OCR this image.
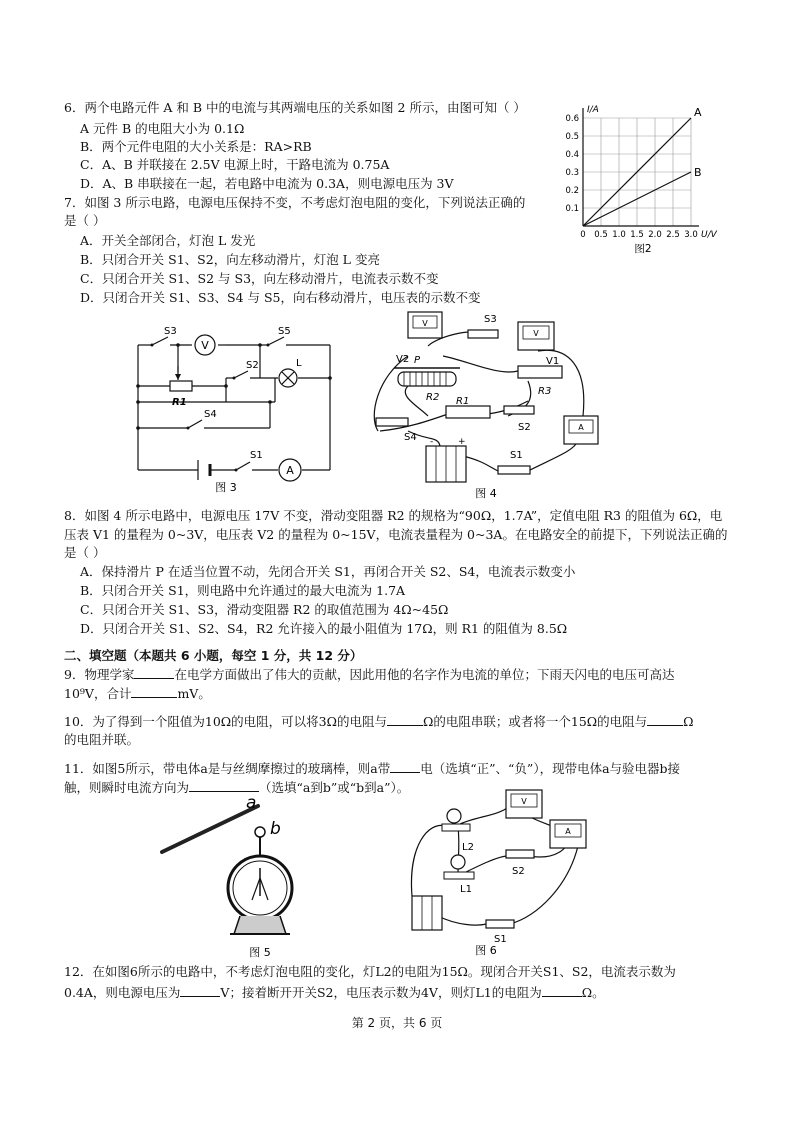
6．两个电路元件 A 和 B 中的电流与其两端电压的关系如图 2 所示，由图可知（ ）
A 元件 B 的电阻大小为 0.1Ω
B．两个元件电阻的大小关系是：RA>RB
C．A、B 并联接在 2.5V 电源上时，干路电流为 0.75A
D．A、B 串联接在一起，若电路中电流为 0.3A，则电源电压为 3V
0.6
0.5
0.4
0.3
0.2
0.1
0 0.5 1.0 1.5 2.0 2.5 3.0
I/A
U/V
A
B
图2
7．如图 3 所示电路，电源电压保持不变，不考虑灯泡电阻的变化，下列说法正确的
是（ ）
A．开关全部闭合，灯泡 L 发光
B．只闭合开关 S1、S2，向左移动滑片，灯泡 L 变亮
C．只闭合开关 S1、S2 与 S3，向左移动滑片，电流表示数不变
D．只闭合开关 S1、S3、S4 与 S5，向右移动滑片，电压表的示数不变
V
A
S3	S5
S2	L
R1
S4
S1
图 3
V
V
A
-	+
S3
V2 P	V1
R2
R3
R1
S4
S2
S1
图 4
8．如图 4 所示电路中，电源电压 17V 不变，滑动变阻器 R2 的规格为“90Ω，1.7A”，定值电阻 R3 的阻值为 6Ω，电
压表 V1 的量程为 0~3V，电压表 V2 的量程为 0~15V，电流表量程为 0~3A。在电路安全的前提下，下列说法正确的
是（ ）
A．保持滑片 P 在适当位置不动，先闭合开关 S1，再闭合开关 S2、S4，电流表示数变小
B．只闭合开关 S1，则电路中允许通过的最大电流为 1.7A
C．只闭合开关 S1、S3，滑动变阻器 R2 的取值范围为 4Ω~45Ω
D．只闭合开关 S1、S2、S4，R2 允许接入的最小阻值为 17Ω，则 R1 的阻值为 8.5Ω
二、填空题（本题共 6 小题，每空 1 分，共 12 分）
9．物理学家	在电学方面做出了伟大的贡献，因此用他的名字作为电流的单位；下雨天闪电的电压可高达
10⁹V，合计	mV。
10．为了得到一个阻值为10Ω的电阻，可以将3Ω的电阻与	Ω的电阻串联；或者将一个15Ω的电阻与	Ω
的电阻并联。
11．如图5所示，带电体a是与丝绸摩擦过的玻璃棒，则a带 电（选填“正”、“负”），现带电体a与验电器b接
触，则瞬时电流方向为	（选填“a到b”或“b到a”）。
a
b
图 5
V
A
L2
L1
S2
S1
图 6
12．在如图6所示的电路中，不考虑灯泡电阻的变化，灯L2的电阻为15Ω。现闭合开关S1、S2，电流表示数为
0.4A，则电源电压为	V；接着断开开关S2，电压表示数为4V，则灯L1的电阻为	Ω。
第 2 页，共 6 页
